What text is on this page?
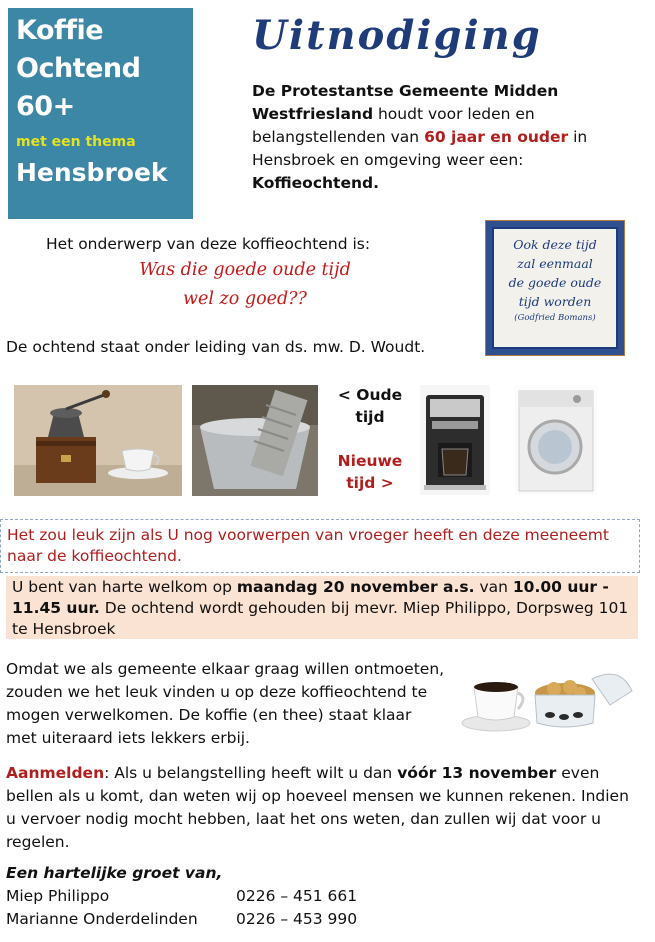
Koffie
Ochtend
60+
met een thema
Hensbroek
Uitnodiging
De Protestantse Gemeente Midden Westfriesland houdt voor leden en belangstellenden van 60 jaar en ouder in Hensbroek en omgeving weer een: Koffieochtend.
Het onderwerp van deze koffieochtend is:
Was die goede oude tijd
wel zo goed??
Ook deze tijd
zal eenmaal
de goede oude
tijd worden
(Godfried Bomans)
De ochtend staat onder leiding van ds. mw. D. Woudt.
< Oude
tijd
Nieuwe
tijd >
Het zou leuk zijn als U nog voorwerpen van vroeger heeft en deze meeneemt naar de koffieochtend.
U bent van harte welkom op maandag 20 november a.s. van 10.00 uur - 11.45 uur. De ochtend wordt gehouden bij mevr. Miep Philippo, Dorpsweg 101 te Hensbroek
Omdat we als gemeente elkaar graag willen ontmoeten, zouden we het leuk vinden u op deze koffieochtend te mogen verwelkomen. De koffie (en thee) staat klaar met uiteraard iets lekkers erbij.
Aanmelden: Als u belangstelling heeft wilt u dan vóór 13 november even bellen als u komt, dan weten wij op hoeveel mensen we kunnen rekenen. Indien u vervoer nodig mocht hebben, laat het ons weten, dan zullen wij dat voor u regelen.
Een hartelijke groet van,
Miep Philippo	0226 – 451 661
Marianne Onderdelinden 0226 – 453 990
